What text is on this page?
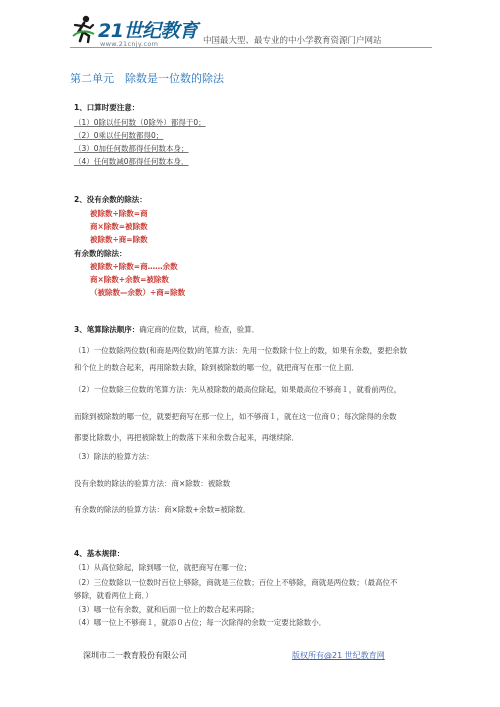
21世纪教育
www.21cnjy.com	中国最大型、最专业的中小学教育资源门户网站
第二单元　除数是一位数的除法
1、口算时要注意：
（1）0除以任何数（0除外）都得于0；
（2）0乘以任何数都得0；
（3）0加任何数都得任何数本身；
（4）任何数减0都得任何数本身．
2、没有余数的除法：
被除数÷除数=商
商×除数=被除数
被除数÷商=除数
有余数的除法：
被除数÷除数=商……余数
商×除数+余数=被除数
（被除数—余数）÷商=除数
3、笔算除法顺序：确定商的位数，试商，检查，验算．
（1）一位数除两位数(和商是两位数)的笔算方法：先用一位数除十位上的数，如果有余数，要把余数
和个位上的数合起来，再用除数去除，除到被除数的哪一位，就把商写在那一位上面．
（2）一位数除三位数的笔算方法：先从被除数的最高位除起，如果最高位不够商１，就看前两位，
而除到被除数的哪一位，就要把商写在那一位上，如不够商１，就在这一位商０；每次除得的余数
都要比除数小，再把被除数上的数落下来和余数合起来，再继续除．
（3）除法的验算方法：
没有余数的除法的验算方法：商×除数：被除数
有余数的除法的验算方法：商×除数+余数=被除数．
4、基本规律：
（1）从高位除起，除到哪一位，就把商写在哪一位；
（2）三位数除以一位数时百位上够除，商就是三位数；百位上不够除，商就是两位数；（最高位不
够除，就看两位上商．）
（3）哪一位有余数，就和后面一位上的数合起来再除；
（4）哪一位上不够商１，就添０占位；每一次除得的余数一定要比除数小．
深圳市二一教育股份有限公司	版权所有@21 世纪教育网
